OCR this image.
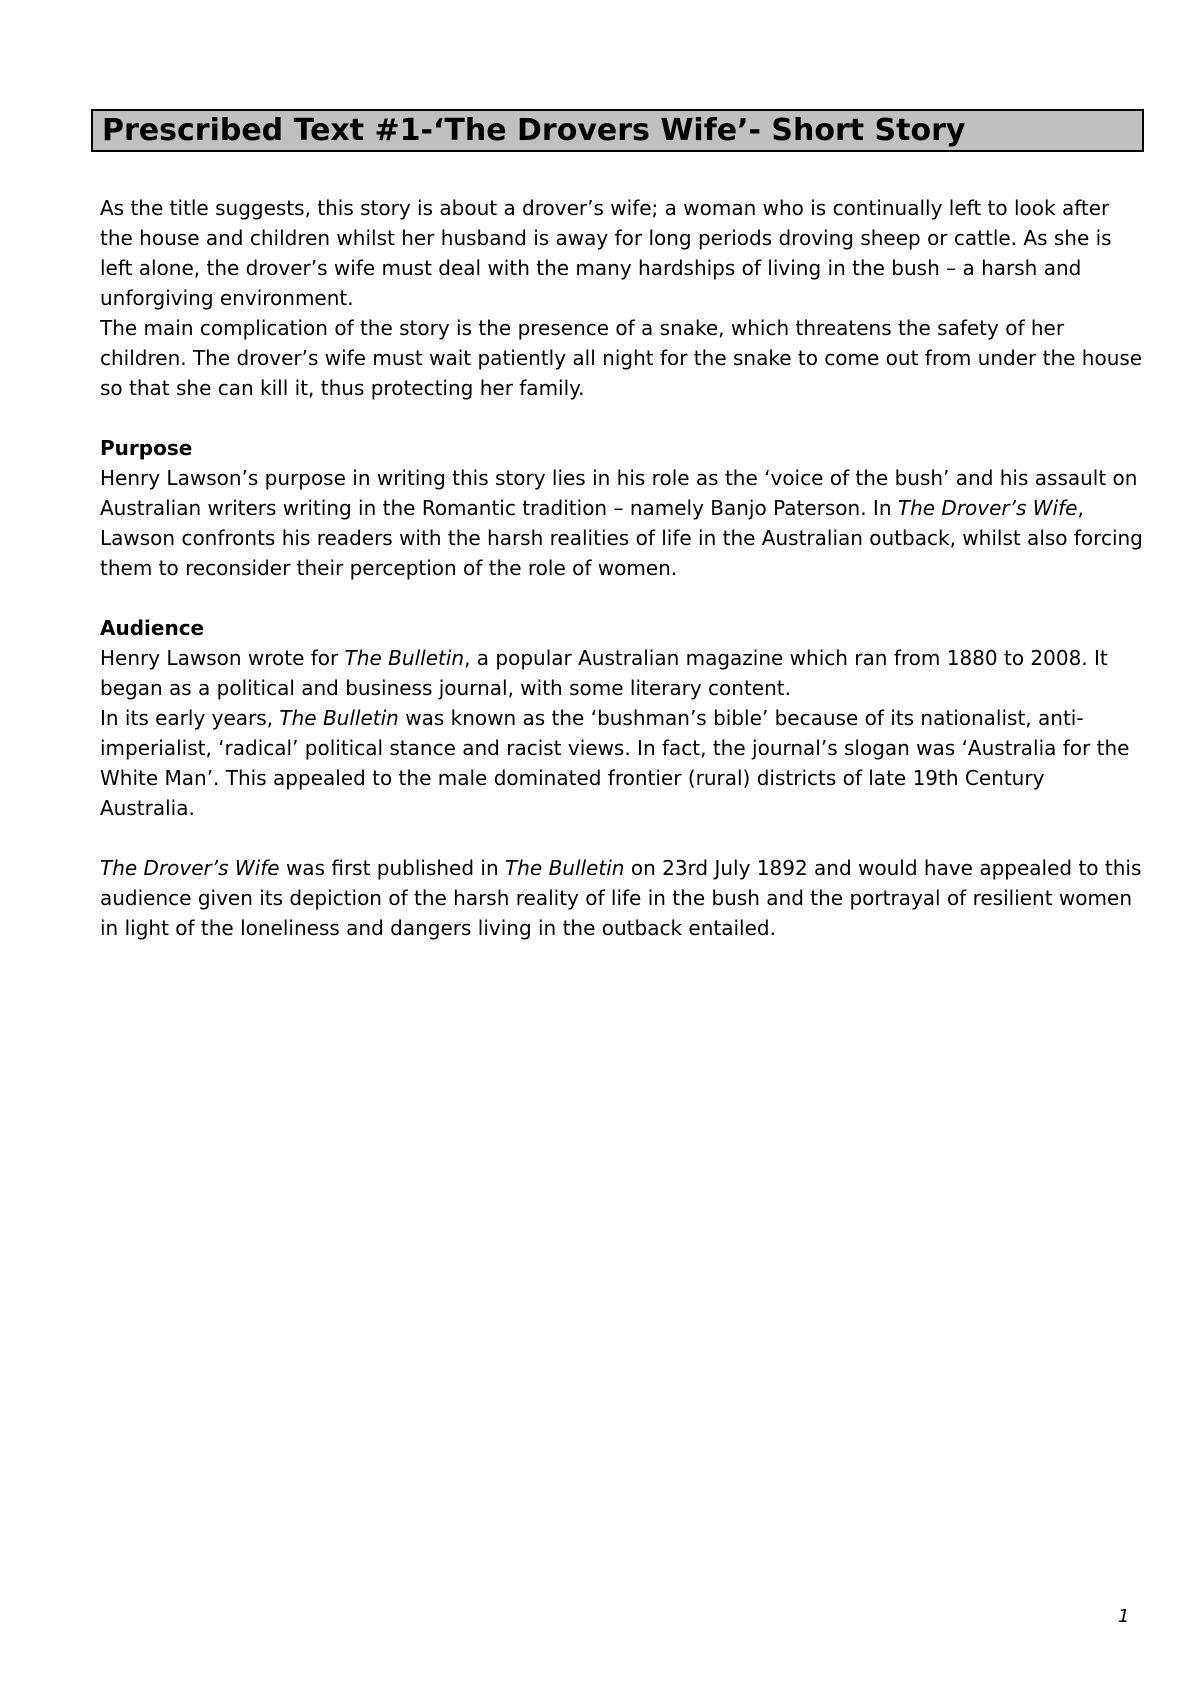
Prescribed Text #1-‘The Drovers Wife’- Short Story

As the title suggests, this story is about a drover’s wife; a woman who is continually left to look after the house and children whilst her husband is away for long periods droving sheep or cattle. As she is left alone, the drover’s wife must deal with the many hardships of living in the bush – a harsh and unforgiving environment.

The main complication of the story is the presence of a snake, which threatens the safety of her children. The drover’s wife must wait patiently all night for the snake to come out from under the house so that she can kill it, thus protecting her family.

Purpose

Henry Lawson’s purpose in writing this story lies in his role as the ‘voice of the bush’ and his assault on Australian writers writing in the Romantic tradition – namely Banjo Paterson. In The Drover’s Wife, Lawson confronts his readers with the harsh realities of life in the Australian outback, whilst also forcing them to reconsider their perception of the role of women.

Audience

Henry Lawson wrote for The Bulletin, a popular Australian magazine which ran from 1880 to 2008. It began as a political and business journal, with some literary content.

In its early years, The Bulletin was known as the ‘bushman’s bible’ because of its nationalist, anti-imperialist, ‘radical’ political stance and racist views. In fact, the journal’s slogan was ‘Australia for the White Man’. This appealed to the male dominated frontier (rural) districts of late 19th Century Australia.

The Drover’s Wife was first published in The Bulletin on 23rd July 1892 and would have appealed to this audience given its depiction of the harsh reality of life in the bush and the portrayal of resilient women in light of the loneliness and dangers living in the outback entailed.

1
